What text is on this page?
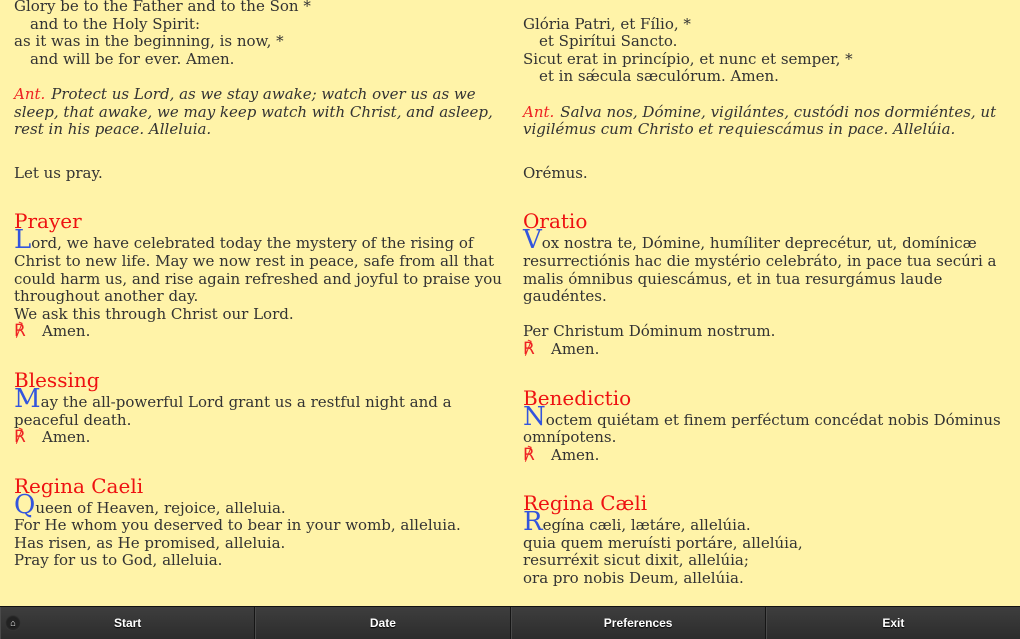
Glory be to the Father and to the Son *
and to the Holy Spirit:
as it was in the beginning, is now, *
and will be for ever. Amen.
Ant. Protect us Lord, as we stay awake; watch over us as we sleep, that awake, we may keep watch with Christ, and asleep, rest in his peace. Alleluia.
Let us pray.
Prayer
Lord, we have celebrated today the mystery of the rising of Christ to new life. May we now rest in peace, safe from all that could harm us, and rise again refreshed and joyful to praise you throughout another day.
We ask this through Christ our Lord.
℟ Amen.
Blessing
May the all-powerful Lord grant us a restful night and a peaceful death.
℟ Amen.
Regina Caeli
Queen of Heaven, rejoice, alleluia.
For He whom you deserved to bear in your womb, alleluia.
Has risen, as He promised, alleluia.
Pray for us to God, alleluia.
Glória Patri, et Fílio, *
et Spirítui Sancto.
Sicut erat in princípio, et nunc et semper, *
et in sǽcula sæculórum. Amen.
Ant. Salva nos, Dómine, vigilántes, custódi nos dormiéntes, ut vigilémus cum Christo et requiescámus in pace. Allelúia.
Orémus.
Oratio
Vox nostra te, Dómine, humíliter deprecétur, ut, domínicæ resurrectiónis hac die mystério celebráto, in pace tua secúri a malis ómnibus quiescámus, et in tua resurgámus laude gaudéntes.
Per Christum Dóminum nostrum.
℟ Amen.
Benedictio
Noctem quiétam et finem perféctum concédat nobis Dóminus omnípotens.
℟ Amen.
Regina Cæli
Regína cæli, lætáre, allelúia.
quia quem meruísti portáre, allelúia,
resurréxit sicut dixit, allelúia;
ora pro nobis Deum, allelúia.
⌂	Start	Date	Preferences	Exit
